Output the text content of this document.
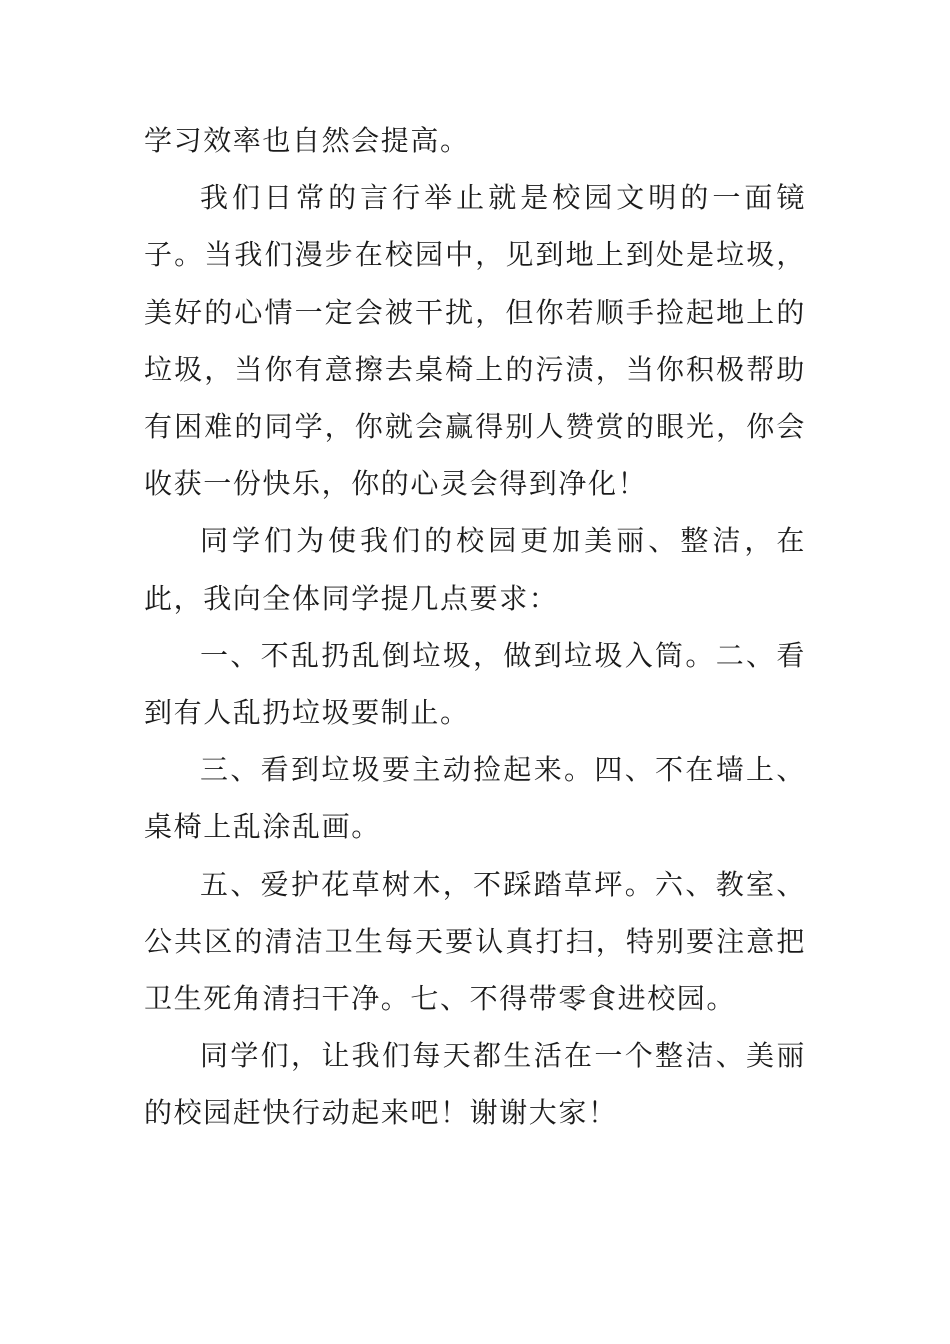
学习效率也自然会提高。

我们日常的言行举止就是校园文明的一面镜子。当我们漫步在校园中，见到地上到处是垃圾，美好的心情一定会被干扰，但你若顺手捡起地上的垃圾，当你有意擦去桌椅上的污渍，当你积极帮助有困难的同学，你就会赢得别人赞赏的眼光，你会收获一份快乐，你的心灵会得到净化！

同学们为使我们的校园更加美丽、整洁，在此，我向全体同学提几点要求：

一、不乱扔乱倒垃圾，做到垃圾入筒。二、看到有人乱扔垃圾要制止。

三、看到垃圾要主动捡起来。四、不在墙上、桌椅上乱涂乱画。

五、爱护花草树木，不踩踏草坪。六、教室、公共区的清洁卫生每天要认真打扫，特别要注意把卫生死角清扫干净。七、不得带零食进校园。

同学们，让我们每天都生活在一个整洁、美丽的校园赶快行动起来吧！谢谢大家！
